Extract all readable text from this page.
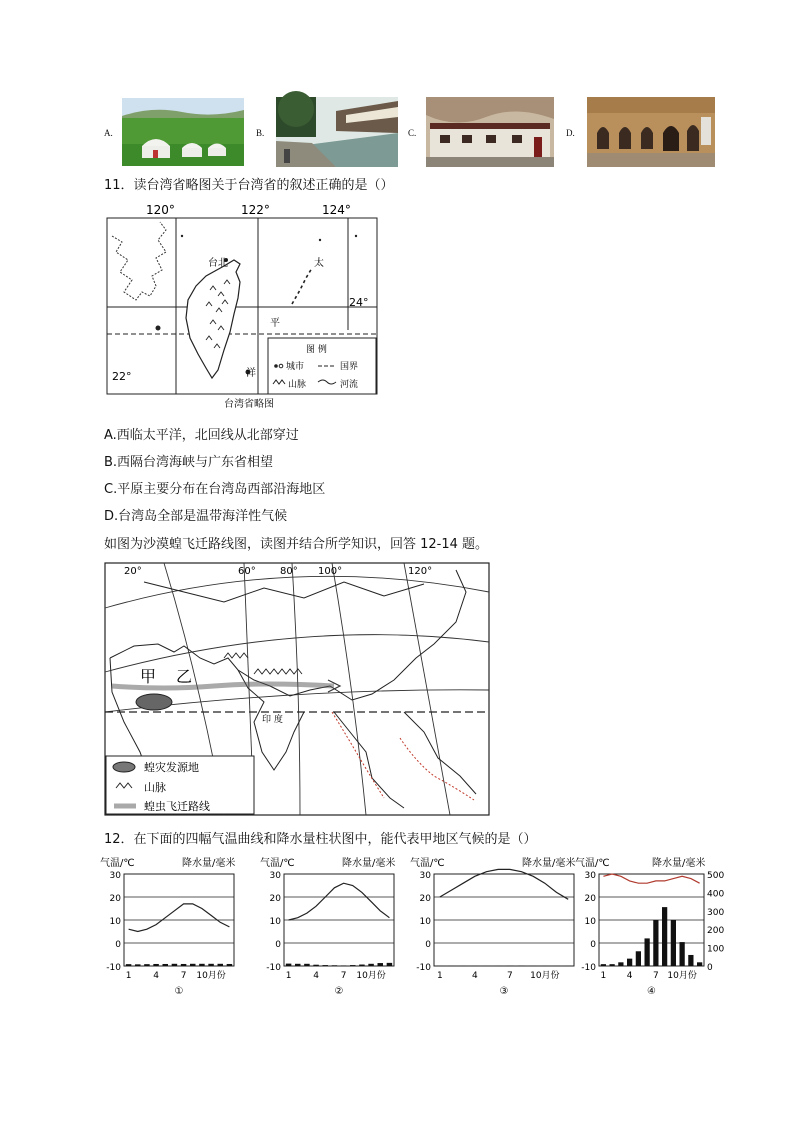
A.	B.	C.	D.
11．读台湾省略图关于台湾省的叙述正确的是（）
120°	122°	124°
24°
22°
台北	太
平
洋
图 例
城市	国界
山脉	河流
台湾省略图
A.西临太平洋，北回线从北部穿过
B.西隔台湾海峡与广东省相望
C.平原主要分布在台湾岛西部沿海地区
D.台湾岛全部是温带海洋性气候
如图为沙漠蝗飞迁路线图，读图并结合所学知识，回答 12-14 题。
20°	60° 80° 100°	120°
甲 乙
印 度
蝗灾发源地
山脉
蝗虫飞迁路线
12．在下面的四幅气温曲线和降水量柱状图中，能代表甲地区气候的是（）
气温/℃	降水量/毫米
30
20
10
0
-10
1 4 7 10月份
①
气温/℃	降水量/毫米
30
20
10
0
-10
1 4 7 10月份
②
气温/℃	降水量/毫米
30
20
10
0
-10
1	4	7 10月份
③
气温/℃	降水量/毫米
30
20
10
0
-10
500
400
300
200
100
0
1 4 7 10月份
④
